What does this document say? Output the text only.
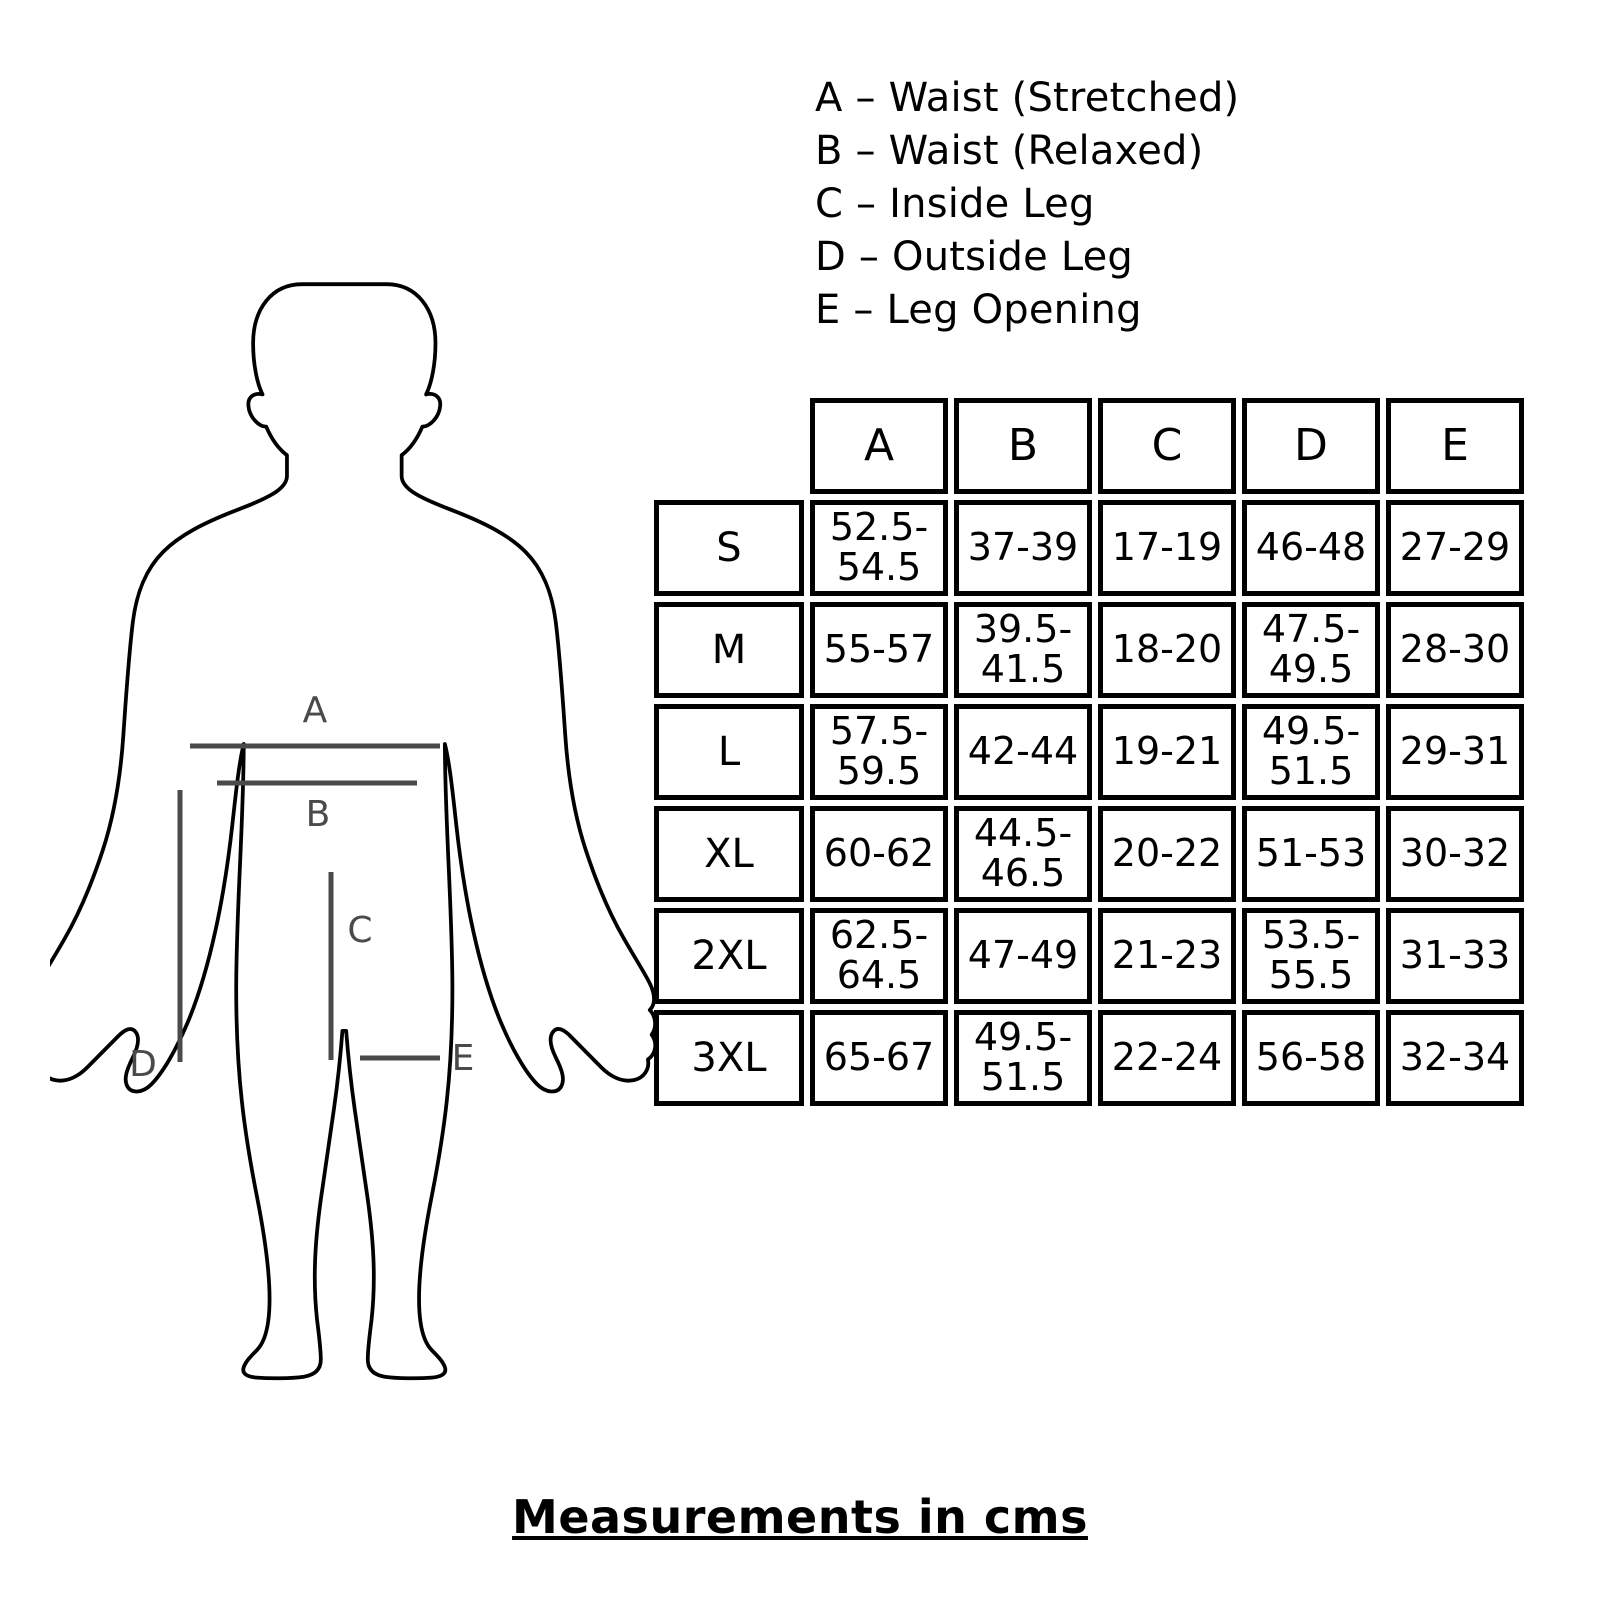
A – Waist (Stretched)
B – Waist (Relaxed)
C – Inside Leg
D – Outside Leg
E – Leg Opening
A
B
C
D	E
	A	B	C	D	E
S	52.5-54.5	37-39	17-19	46-48	27-29
M	55-57	39.5-41.5	18-20	47.5-49.5	28-30
L	57.5-59.5	42-44	19-21	49.5-51.5	29-31
XL	60-62	44.5-46.5	20-22	51-53	30-32
2XL	62.5-64.5	47-49	21-23	53.5-55.5	31-33
3XL	65-67	49.5-51.5	22-24	56-58	32-34
Measurements in cms
